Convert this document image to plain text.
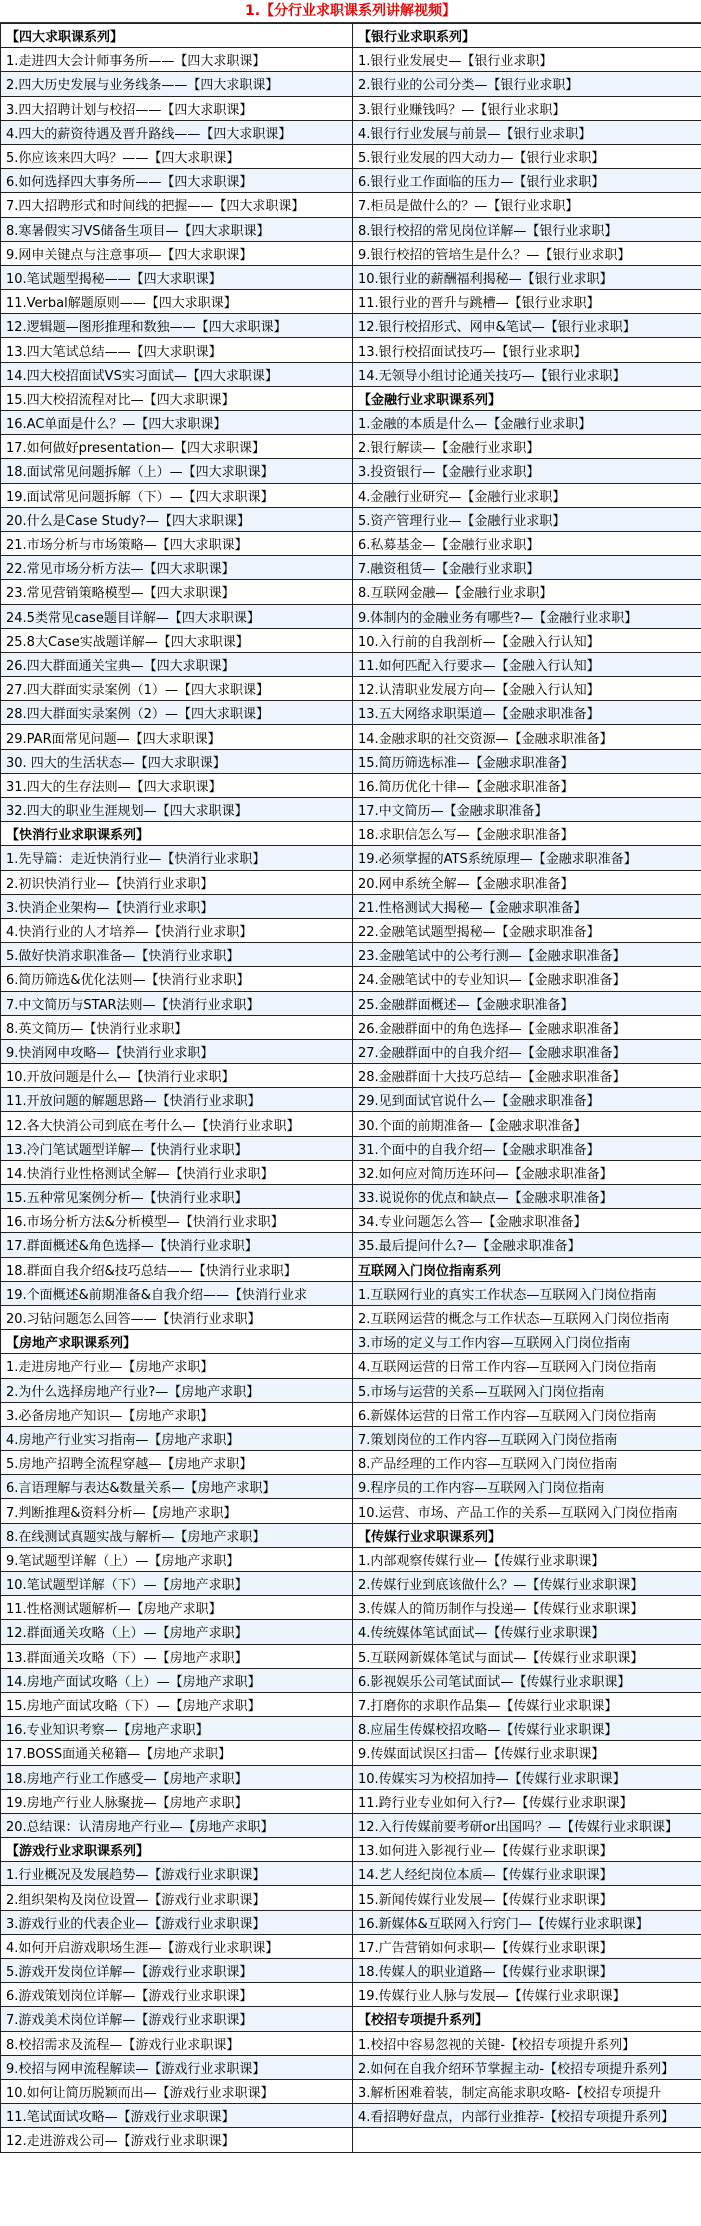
1.【分行业求职课系列讲解视频】
【四大求职课系列】	【银行业求职系列】
1.走进四大会计师事务所——【四大求职课】	1.银行业发展史—【银行业求职】
2.四大历史发展与业务线条——【四大求职课】	2.银行业的公司分类—【银行业求职】
3.四大招聘计划与校招——【四大求职课】	3.银行业赚钱吗？—【银行业求职】
4.四大的薪资待遇及晋升路线——【四大求职课】	4.银行行业发展与前景—【银行业求职】
5.你应该来四大吗？——【四大求职课】	5.银行业发展的四大动力—【银行业求职】
6.如何选择四大事务所——【四大求职课】	6.银行业工作面临的压力—【银行业求职】
7.四大招聘形式和时间线的把握——【四大求职课】	7.柜员是做什么的？—【银行业求职】
8.寒暑假实习VS储备生项目—【四大求职课】	8.银行校招的常见岗位详解—【银行业求职】
9.网申关键点与注意事项—【四大求职课】	9.银行校招的管培生是什么？—【银行业求职】
10.笔试题型揭秘——【四大求职课】	10.银行业的薪酬福利揭秘—【银行业求职】
11.Verbal解题原则——【四大求职课】	11.银行业的晋升与跳槽—【银行业求职】
12.逻辑题—图形推理和数独——【四大求职课】	12.银行校招形式、网申&笔试—【银行业求职】
13.四大笔试总结——【四大求职课】	13.银行校招面试技巧—【银行业求职】
14.四大校招面试VS实习面试—【四大求职课】	14.无领导小组讨论通关技巧—【银行业求职】
15.四大校招流程对比—【四大求职课】	【金融行业求职课系列】
16.AC单面是什么？—【四大求职课】	1.金融的本质是什么—【金融行业求职】
17.如何做好presentation—【四大求职课】	2.银行解读—【金融行业求职】
18.面试常见问题拆解（上）—【四大求职课】	3.投资银行—【金融行业求职】
19.面试常见问题拆解（下）—【四大求职课】	4.金融行业研究—【金融行业求职】
20.什么是Case Study?—【四大求职课】	5.资产管理行业—【金融行业求职】
21.市场分析与市场策略—【四大求职课】	6.私募基金—【金融行业求职】
22.常见市场分析方法—【四大求职课】	7.融资租赁—【金融行业求职】
23.常见营销策略模型—【四大求职课】	8.互联网金融—【金融行业求职】
24.5类常见case题目详解—【四大求职课】	9.体制内的金融业务有哪些?—【金融行业求职】
25.8大Case实战题详解—【四大求职课】	10.入行前的自我剖析—【金融入行认知】
26.四大群面通关宝典—【四大求职课】	11.如何匹配入行要求—【金融入行认知】
27.四大群面实录案例（1）—【四大求职课】	12.认清职业发展方向—【金融入行认知】
28.四大群面实录案例（2）—【四大求职课】	13.五大网络求职渠道—【金融求职准备】
29.PAR面常见问题—【四大求职课】	14.金融求职的社交资源—【金融求职准备】
30. 四大的生活状态—【四大求职课】	15.简历筛选标准—【金融求职准备】
31.四大的生存法则—【四大求职课】	16.简历优化十律—【金融求职准备】
32.四大的职业生涯规划—【四大求职课】	17.中文简历—【金融求职准备】
【快消行业求职课系列】	18.求职信怎么写—【金融求职准备】
1.先导篇：走近快消行业—【快消行业求职】	19.必须掌握的ATS系统原理—【金融求职准备】
2.初识快消行业—【快消行业求职】	20.网申系统全解—【金融求职准备】
3.快消企业架构—【快消行业求职】	21.性格测试大揭秘—【金融求职准备】
4.快消行业的人才培养—【快消行业求职】	22.金融笔试题型揭秘—【金融求职准备】
5.做好快消求职准备—【快消行业求职】	23.金融笔试中的公考行测—【金融求职准备】
6.简历筛选&优化法则—【快消行业求职】	24.金融笔试中的专业知识—【金融求职准备】
7.中文简历与STAR法则—【快消行业求职】	25.金融群面概述—【金融求职准备】
8.英文简历—【快消行业求职】	26.金融群面中的角色选择—【金融求职准备】
9.快消网申攻略—【快消行业求职】	27.金融群面中的自我介绍—【金融求职准备】
10.开放问题是什么—【快消行业求职】	28.金融群面十大技巧总结—【金融求职准备】
11.开放问题的解题思路—【快消行业求职】	29.见到面试官说什么—【金融求职准备】
12.各大快消公司到底在考什么—【快消行业求职】	30.个面的前期准备—【金融求职准备】
13.冷门笔试题型详解—【快消行业求职】	31.个面中的自我介绍—【金融求职准备】
14.快消行业性格测试全解—【快消行业求职】	32.如何应对简历连环问—【金融求职准备】
15.五种常见案例分析—【快消行业求职】	33.说说你的优点和缺点—【金融求职准备】
16.市场分析方法&分析模型—【快消行业求职】	34.专业问题怎么答—【金融求职准备】
17.群面概述&角色选择—【快消行业求职】	35.最后提问什么?—【金融求职准备】
18.群面自我介绍&技巧总结——【快消行业求职】	互联网入门岗位指南系列
19.个面概述&前期准备&自我介绍——【快消行业求	1.互联网行业的真实工作状态—互联网入门岗位指南
20.习钻问题怎么回答——【快消行业求职】	2.互联网运营的概念与工作状态—互联网入门岗位指南
【房地产求职课系列】	3.市场的定义与工作内容—互联网入门岗位指南
1.走进房地产行业—【房地产求职】	4.互联网运营的日常工作内容—互联网入门岗位指南
2.为什么选择房地产行业?—【房地产求职】	5.市场与运营的关系—互联网入门岗位指南
3.必备房地产知识—【房地产求职】	6.新媒体运营的日常工作内容—互联网入门岗位指南
4.房地产行业实习指南—【房地产求职】	7.策划岗位的工作内容—互联网入门岗位指南
5.房地产招聘全流程穿越—【房地产求职】	8.产品经理的工作内容—互联网入门岗位指南
6.言语理解与表达&数量关系—【房地产求职】	9.程序员的工作内容—互联网入门岗位指南
7.判断推理&资料分析—【房地产求职】	10.运营、市场、产品工作的关系—互联网入门岗位指南
8.在线测试真题实战与解析—【房地产求职】	【传媒行业求职课系列】
9.笔试题型详解（上）—【房地产求职】	1.内部观察传媒行业—【传媒行业求职课】
10.笔试题型详解（下）—【房地产求职】	2.传媒行业到底该做什么？—【传媒行业求职课】
11.性格测试题解析—【房地产求职】	3.传媒人的简历制作与投递—【传媒行业求职课】
12.群面通关攻略（上）—【房地产求职】	4.传统媒体笔试面试—【传媒行业求职课】
13.群面通关攻略（下）—【房地产求职】	5.互联网新媒体笔试与面试—【传媒行业求职课】
14.房地产面试攻略（上）—【房地产求职】	6.影视娱乐公司笔试面试—【传媒行业求职课】
15.房地产面试攻略（下）—【房地产求职】	7.打磨你的求职作品集—【传媒行业求职课】
16.专业知识考察—【房地产求职】	8.应届生传媒校招攻略—【传媒行业求职课】
17.BOSS面通关秘籍—【房地产求职】	9.传媒面试误区扫雷—【传媒行业求职课】
18.房地产行业工作感受—【房地产求职】	10.传媒实习为校招加持—【传媒行业求职课】
19.房地产行业人脉聚拢—【房地产求职】	11.跨行业专业如何入行?—【传媒行业求职课】
20.总结课：认清房地产行业—【房地产求职】	12.入行传媒前要考研or出国吗？—【传媒行业求职课】
【游戏行业求职课系列】	13.如何进入影视行业—【传媒行业求职课】
1.行业概况及发展趋势—【游戏行业求职课】	14.艺人经纪岗位本质—【传媒行业求职课】
2.组织架构及岗位设置—【游戏行业求职课】	15.新闻传媒行业发展—【传媒行业求职课】
3.游戏行业的代表企业—【游戏行业求职课】	16.新媒体&互联网入行窍门—【传媒行业求职课】
4.如何开启游戏职场生涯—【游戏行业求职课】	17.广告营销如何求职—【传媒行业求职课】
5.游戏开发岗位详解—【游戏行业求职课】	18.传媒人的职业道路—【传媒行业求职课】
6.游戏策划岗位详解—【游戏行业求职课】	19.传媒行业人脉与发展—【传媒行业求职课】
7.游戏美术岗位详解—【游戏行业求职课】	【校招专项提升系列】
8.校招需求及流程—【游戏行业求职课】	1.校招中容易忽视的关键-【校招专项提升系列】
9.校招与网申流程解读—【游戏行业求职课】	2.如何在自我介绍环节掌握主动-【校招专项提升系列】
10.如何让简历脱颖而出—【游戏行业求职课】	3.解析困难着装，制定高能求职攻略-【校招专项提升
11.笔试面试攻略—【游戏行业求职课】	4.看招聘好盘点，内部行业推荐-【校招专项提升系列】
12.走进游戏公司—【游戏行业求职课】	
